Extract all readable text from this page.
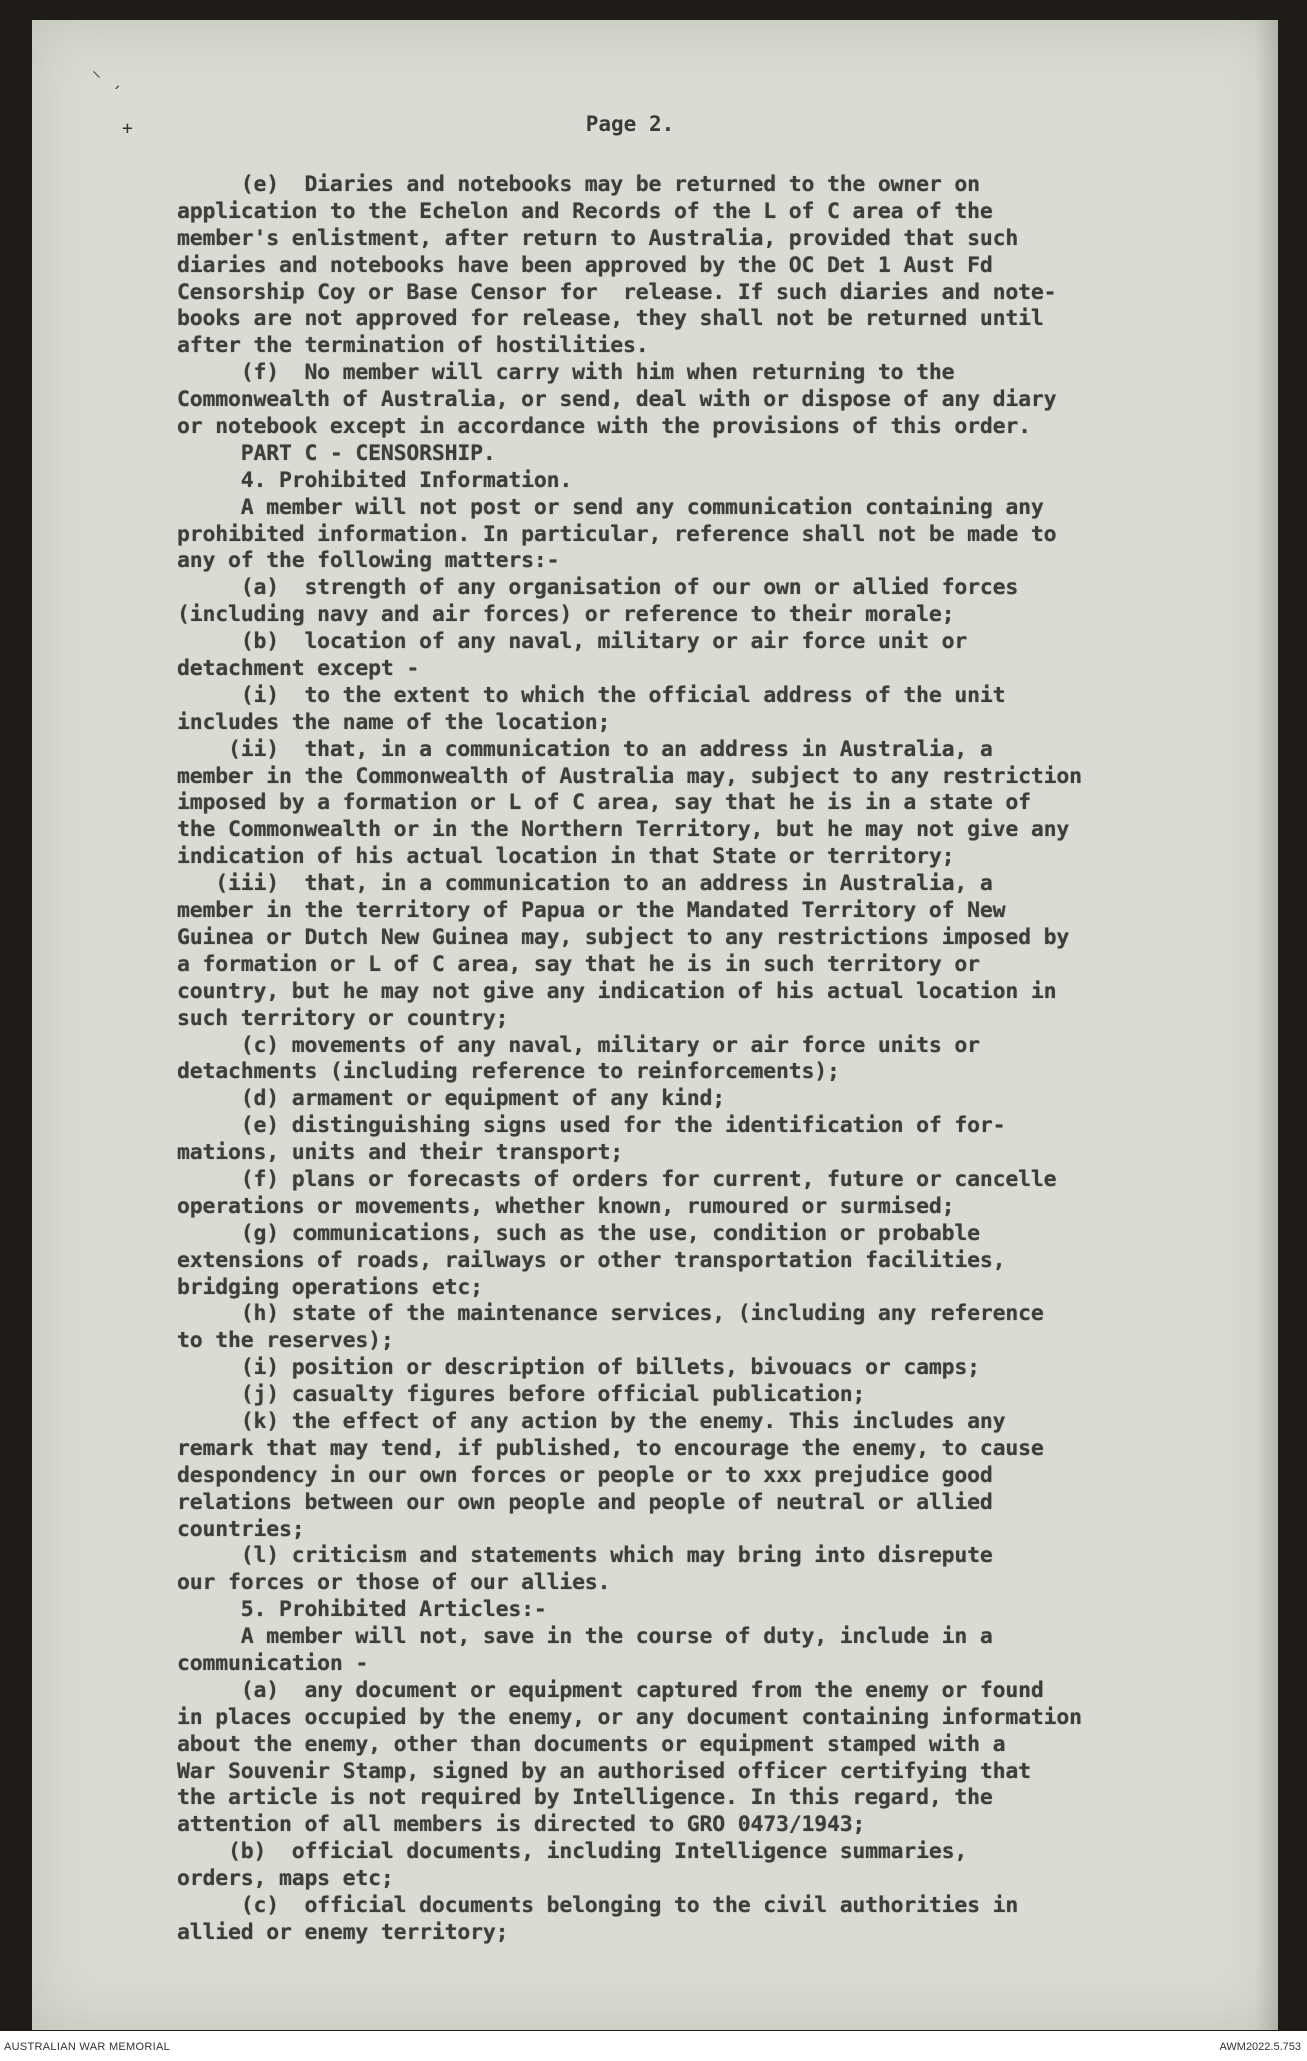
⸌ ˏ
+	Page 2.
(e)  Diaries and notebooks may be returned to the owner on
application to the Echelon and Records of the L of C area of the
member's enlistment, after return to Australia, provided that such
diaries and notebooks have been approved by the OC Det 1 Aust Fd
Censorship Coy or Base Censor for  release. If such diaries and note-
books are not approved for release, they shall not be returned until
after the termination of hostilities.
(f)  No member will carry with him when returning to the
Commonwealth of Australia, or send, deal with or dispose of any diary
or notebook except in accordance with the provisions of this order.
PART C - CENSORSHIP.
4. Prohibited Information.
A member will not post or send any communication containing any
prohibited information. In particular, reference shall not be made to
any of the following matters:-
(a)  strength of any organisation of our own or allied forces
(including navy and air forces) or reference to their morale;
(b)  location of any naval, military or air force unit or
detachment except -
(i)  to the extent to which the official address of the unit
includes the name of the location;
(ii)  that, in a communication to an address in Australia, a
member in the Commonwealth of Australia may, subject to any restriction
imposed by a formation or L of C area, say that he is in a state of
the Commonwealth or in the Northern Territory, but he may not give any
indication of his actual location in that State or territory;
(iii)  that, in a communication to an address in Australia, a
member in the territory of Papua or the Mandated Territory of New
Guinea or Dutch New Guinea may, subject to any restrictions imposed by
a formation or L of C area, say that he is in such territory or
country, but he may not give any indication of his actual location in
such territory or country;
(c) movements of any naval, military or air force units or
detachments (including reference to reinforcements);
(d) armament or equipment of any kind;
(e) distinguishing signs used for the identification of for-
mations, units and their transport;
(f) plans or forecasts of orders for current, future or cancelle
operations or movements, whether known, rumoured or surmised;
(g) communications, such as the use, condition or probable
extensions of roads, railways or other transportation facilities,
bridging operations etc;
(h) state of the maintenance services, (including any reference
to the reserves);
(i) position or description of billets, bivouacs or camps;
(j) casualty figures before official publication;
(k) the effect of any action by the enemy. This includes any
remark that may tend, if published, to encourage the enemy, to cause
despondency in our own forces or people or to xxx prejudice good
relations between our own people and people of neutral or allied
countries;
(l) criticism and statements which may bring into disrepute
our forces or those of our allies.
5. Prohibited Articles:-
A member will not, save in the course of duty, include in a
communication -
(a)  any document or equipment captured from the enemy or found
in places occupied by the enemy, or any document containing information
about the enemy, other than documents or equipment stamped with a
War Souvenir Stamp, signed by an authorised officer certifying that
the article is not required by Intelligence. In this regard, the
attention of all members is directed to GRO 0473/1943;
(b)  official documents, including Intelligence summaries,
orders, maps etc;
(c)  official documents belonging to the civil authorities in
allied or enemy territory;
AUSTRALIAN WAR MEMORIAL	AWM2022.5.753
